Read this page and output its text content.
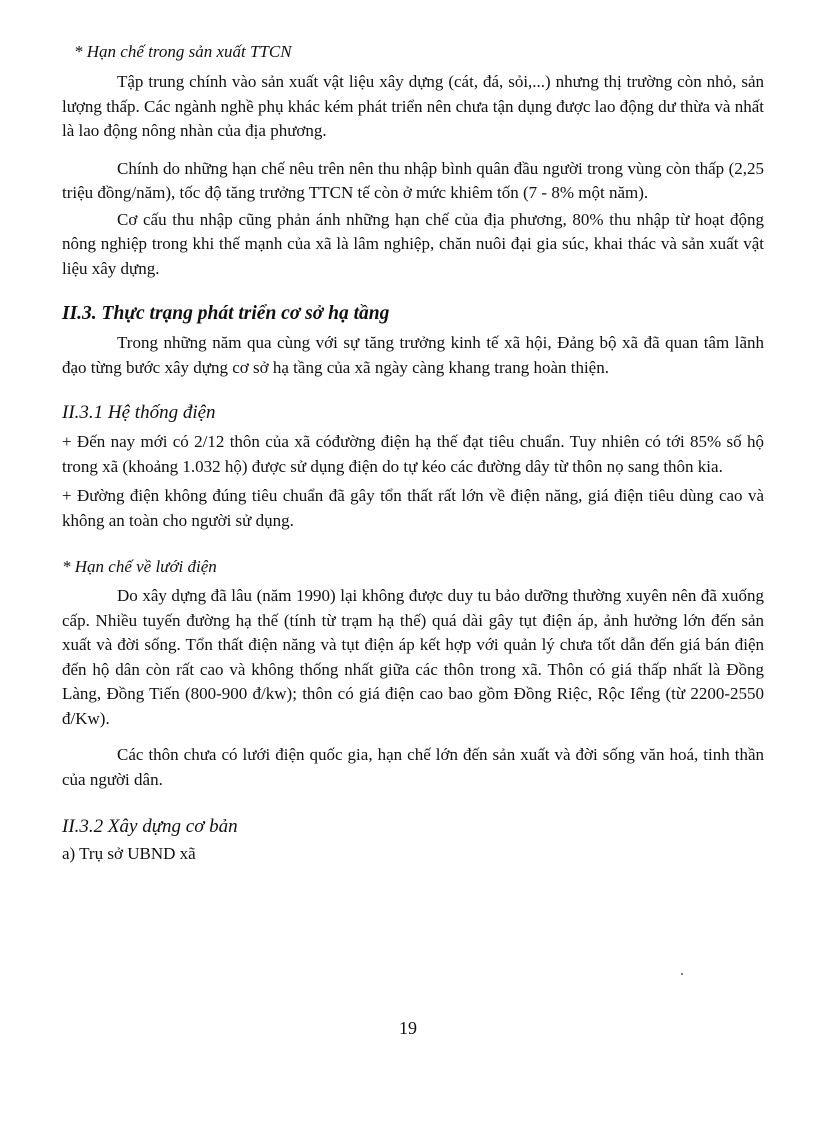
* Hạn chế trong sản xuất TTCN

Tập trung chính vào sản xuất vật liệu xây dựng (cát, đá, sỏi,...) nhưng thị trường còn nhỏ, sản lượng thấp. Các ngành nghề phụ khác kém phát triển nên chưa tận dụng được lao động dư thừa và nhất là lao động nông nhàn của địa phương.

Chính do những hạn chế nêu trên nên thu nhập bình quân đầu người trong vùng còn thấp (2,25 triệu đồng/năm), tốc độ tăng trưởng TTCN tế còn ở mức khiêm tốn (7 - 8% một năm).

Cơ cấu thu nhập cũng phản ánh những hạn chế của địa phương, 80% thu nhập từ hoạt động nông nghiệp trong khi thế mạnh của xã là lâm nghiệp, chăn nuôi đại gia súc, khai thác và sản xuất vật liệu xây dựng.

II.3. Thực trạng phát triển cơ sở hạ tầng

Trong những năm qua cùng với sự tăng trưởng kinh tế xã hội, Đảng bộ xã đã quan tâm lãnh đạo từng bước xây dựng cơ sở hạ tầng của xã ngày càng khang trang hoàn thiện.

II.3.1 Hệ thống điện

+ Đến nay mới có 2/12 thôn của xã cóđường điện hạ thế đạt tiêu chuẩn. Tuy nhiên có tới 85% số hộ trong xã (khoảng 1.032 hộ) được sử dụng điện do tự kéo các đường dây từ thôn nọ sang thôn kia.

+ Đường điện không đúng tiêu chuẩn đã gây tổn thất rất lớn về điện năng, giá điện tiêu dùng cao và không an toàn cho người sử dụng.

* Hạn chế về lưới điện

Do xây dựng đã lâu (năm 1990) lại không được duy tu bảo dưỡng thường xuyên nên đã xuống cấp. Nhiều tuyến đường hạ thế (tính từ trạm hạ thế) quá dài gây tụt điện áp, ảnh hưởng lớn đến sản xuất và đời sống. Tổn thất điện năng và tụt điện áp kết hợp với quản lý chưa tốt dẫn đến giá bán điện đến hộ dân còn rất cao và không thống nhất giữa các thôn trong xã. Thôn có giá thấp nhất là Đồng Làng, Đồng Tiến (800-900 đ/kw); thôn có giá điện cao bao gồm Đồng Riệc, Rộc Iểng (từ 2200-2550 đ/Kw).

Các thôn chưa có lưới điện quốc gia, hạn chế lớn đến sản xuất và đời sống văn hoá, tinh thần của người dân.

II.3.2 Xây dựng cơ bản

a) Trụ sở UBND xã

19
